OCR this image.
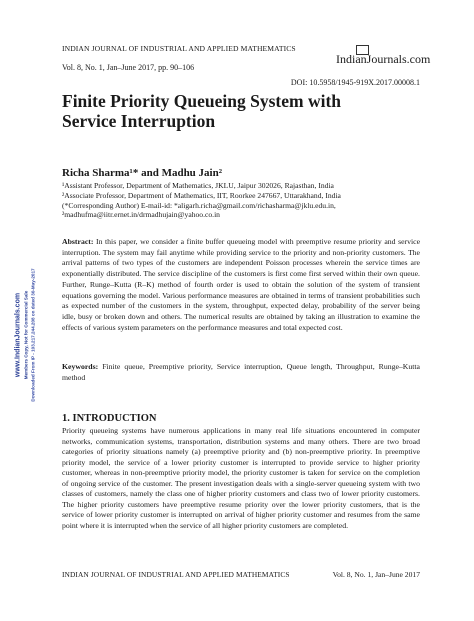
www.IndianJournals.com Members Copy, Not for Commercial Sale Downloaded From IP - 103.217.244.208 on dated 30-May-2017
INDIAN JOURNAL OF INDUSTRIAL AND APPLIED MATHEMATICS
Vol. 8, No. 1, Jan–June 2017, pp. 90–106
IndianJournals.com
DOI: 10.5958/1945-919X.2017.00008.1
Finite Priority Queueing System with Service Interruption
Richa Sharma¹* and Madhu Jain²
¹Assistant Professor, Department of Mathematics, JKLU, Jaipur 302026, Rajasthan, India
²Associate Professor, Department of Mathematics, IIT, Roorkee 247667, Uttarakhand, India
(*Corresponding Author) E-mail-id: *aligarh.richa@gmail.com/richasharma@jklu.edu.in,
²madhufma@iitr.ernet.in/drmadhujain@yahoo.co.in
Abstract: In this paper, we consider a finite buffer queueing model with preemptive resume priority and service interruption. The system may fail anytime while providing service to the priority and non-priority customers. The arrival patterns of two types of the customers are independent Poisson processes wherein the service times are exponentially distributed. The service discipline of the customers is first come first served within their own queue. Further, Runge–Kutta (R–K) method of fourth order is used to obtain the solution of the system of transient equations governing the model. Various performance measures are obtained in terms of transient probabilities such as expected number of the customers in the system, throughput, expected delay, probability of the server being idle, busy or broken down and others. The numerical results are obtained by taking an illustration to examine the effects of various system parameters on the performance measures and total expected cost.
Keywords: Finite queue, Preemptive priority, Service interruption, Queue length, Throughput, Runge–Kutta method
1. INTRODUCTION
Priority queueing systems have numerous applications in many real life situations encountered in computer networks, communication systems, transportation, distribution systems and many others. There are two broad categories of priority situations namely (a) preemptive priority and (b) non-preemptive priority. In preemptive priority model, the service of a lower priority customer is interrupted to provide service to higher priority customer, whereas in non-preemptive priority model, the priority customer is taken for service on the completion of ongoing service of the customer. The present investigation deals with a single-server queueing system with two classes of customers, namely the class one of higher priority customers and class two of lower priority customers. The higher priority customers have preemptive resume priority over the lower priority customers, that is the service of lower priority customer is interrupted on arrival of higher priority customer and resumes from the same point where it is interrupted when the service of all higher priority customers are completed.
INDIAN JOURNAL OF INDUSTRIAL AND APPLIED MATHEMATICS	Vol. 8, No. 1, Jan–June 2017
